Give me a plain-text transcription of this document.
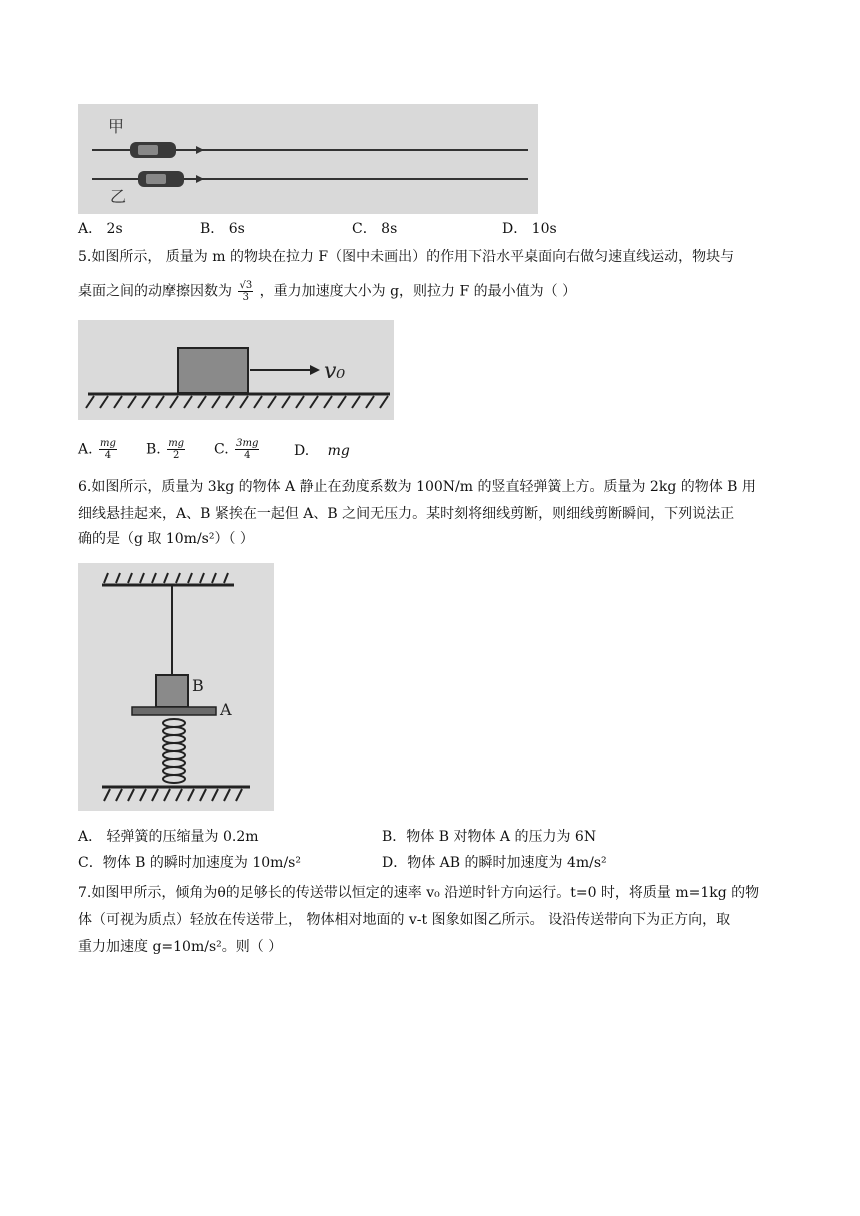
甲
乙
A． 2s	B． 6s	C． 8s	D． 10s
5.如图所示， 质量为 m 的物块在拉力 F（图中未画出）的作用下沿水平桌面向右做匀速直线运动，物块与
桌面之间的动摩擦因数为 $\frac{√3}{3}$ ，重力加速度大小为 g，则拉力 F 的最小值为（ ）
v₀
A. $\frac{mg}{4} B$. $\frac{mg}{2} C$. $\frac{3mg}{4} D$. mg
6.如图所示，质量为 3kg 的物体 A 静止在劲度系数为 100N/m 的竖直轻弹簧上方。质量为 2kg 的物体 B 用
细线悬挂起来，A、B 紧挨在一起但 A、B 之间无压力。某时刻将细线剪断，则细线剪断瞬间，下列说法正
确的是（g 取 10m/s²）（ ）
B
A
A． 轻弹簧的压缩量为 0.2m	B．物体 B 对物体 A 的压力为 6N
C．物体 B 的瞬时加速度为 10m/s²	D．物体 AB 的瞬时加速度为 4m/s²
7.如图甲所示，倾角为θ的足够长的传送带以恒定的速率 v₀ 沿逆时针方向运行。t=0 时，将质量 m=1kg 的物
体（可视为质点）轻放在传送带上， 物体相对地面的 v-t 图象如图乙所示。 设沿传送带向下为正方向，取
重力加速度 g=10m/s²。则（ ）
